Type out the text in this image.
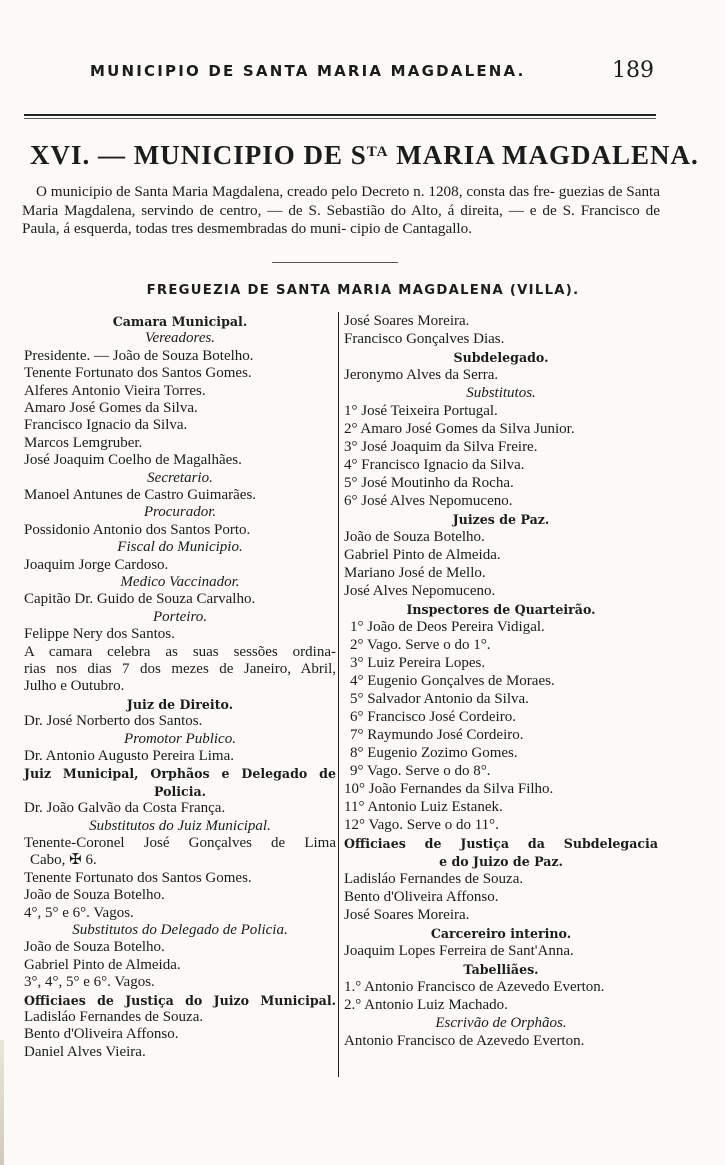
MUNICIPIO DE SANTA MARIA MAGDALENA.	189
XVI. — MUNICIPIO DE $S^{TA}$ MARIA MAGDALENA.
O municipio de Santa Maria Magdalena, creado pelo Decreto n. 1208, consta das fre- guezias de Santa Maria Magdalena, servindo de centro, — de S. Sebastião do Alto, á direita, — e de S. Francisco de Paula, á esquerda, todas tres desmembradas do muni- cipio de Cantagallo.
FREGUEZIA DE SANTA MARIA MAGDALENA (VILLA).
Camara Municipal.
Vereadores.
Presidente. — João de Souza Botelho.
Tenente Fortunato dos Santos Gomes.
Alferes Antonio Vieira Torres.
Amaro José Gomes da Silva.
Francisco Ignacio da Silva.
Marcos Lemgruber.
José Joaquim Coelho de Magalhães.
Secretario.
Manoel Antunes de Castro Guimarães.
Procurador.
Possidonio Antonio dos Santos Porto.
Fiscal do Municipio.
Joaquim Jorge Cardoso.
Medico Vaccinador.
Capitão Dr. Guido de Souza Carvalho.
Porteiro.
Felippe Nery dos Santos.
A camara celebra as suas sessões ordina-
rias nos dias 7 dos mezes de Janeiro, Abril,
Julho e Outubro.
Juiz de Direito.
Dr. José Norberto dos Santos.
Promotor Publico.
Dr. Antonio Augusto Pereira Lima.
Juiz Municipal, Orphãos e Delegado de
Policia.
Dr. João Galvão da Costa França.
Substitutos do Juiz Municipal.
Tenente-Coronel José Gonçalves de Lima
Cabo, ✠ 6.
Tenente Fortunato dos Santos Gomes.
João de Souza Botelho.
4°, 5° e 6°. Vagos.
Substitutos do Delegado de Policia.
João de Souza Botelho.
Gabriel Pinto de Almeida.
3°, 4°, 5° e 6°. Vagos.
Officiaes de Justiça do Juizo Municipal.
Ladisláo Fernandes de Souza.
Bento d'Oliveira Affonso.
Daniel Alves Vieira.
José Soares Moreira.
Francisco Gonçalves Dias.
Subdelegado.
Jeronymo Alves da Serra.
Substitutos.
1° José Teixeira Portugal.
2° Amaro José Gomes da Silva Junior.
3° José Joaquim da Silva Freire.
4° Francisco Ignacio da Silva.
5° José Moutinho da Rocha.
6° José Alves Nepomuceno.
Juizes de Paz.
João de Souza Botelho.
Gabriel Pinto de Almeida.
Mariano José de Mello.
José Alves Nepomuceno.
Inspectores de Quarteirão.
1° João de Deos Pereira Vidigal.
2° Vago. Serve o do 1°.
3° Luiz Pereira Lopes.
4° Eugenio Gonçalves de Moraes.
5° Salvador Antonio da Silva.
6° Francisco José Cordeiro.
7° Raymundo José Cordeiro.
8° Eugenio Zozimo Gomes.
9° Vago. Serve o do 8°.
10° João Fernandes da Silva Filho.
11° Antonio Luiz Estanek.
12° Vago. Serve o do 11°.
Officiaes de Justiça da Subdelegacia
e do Juizo de Paz.
Ladisláo Fernandes de Souza.
Bento d'Oliveira Affonso.
José Soares Moreira.
Carcereiro interino.
Joaquim Lopes Ferreira de Sant'Anna.
Tabelliães.
1.° Antonio Francisco de Azevedo Everton.
2.° Antonio Luiz Machado.
Escrivão de Orphãos.
Antonio Francisco de Azevedo Everton.
